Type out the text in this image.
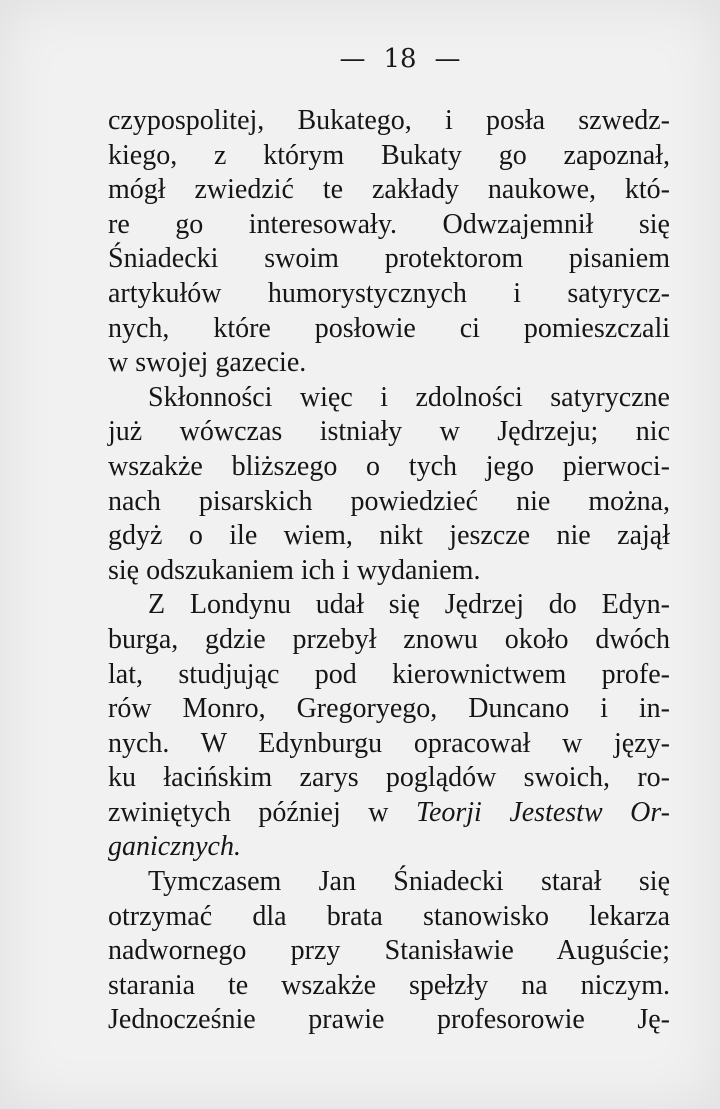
— 18 —
czypospolitej, Bukatego, i posła szwedz-
kiego, z którym Bukaty go zapoznał,
mógł zwiedzić te zakłady naukowe, któ-
re go interesowały. Odwzajemnił się
Śniadecki swoim protektorom pisaniem
artykułów humorystycznych i satyrycz-
nych, które posłowie ci pomieszczali
w swojej gazecie.
Skłonności więc i zdolności satyryczne
już wówczas istniały w Jędrzeju; nic
wszakże bliższego o tych jego pierwoci-
nach pisarskich powiedzieć nie można,
gdyż o ile wiem, nikt jeszcze nie zajął
się odszukaniem ich i wydaniem.
Z Londynu udał się Jędrzej do Edyn-
burga, gdzie przebył znowu około dwóch
lat, studjując pod kierownictwem profe-
rów Monro, Gregoryego, Duncano i in-
nych. W Edynburgu opracował w języ-
ku łacińskim zarys poglądów swoich, ro-
zwiniętych później w Teorji Jestestw Or-
ganicznych.
Tymczasem Jan Śniadecki starał się
otrzymać dla brata stanowisko lekarza
nadwornego przy Stanisławie Auguście;
starania te wszakże spełzły na niczym.
Jednocześnie prawie profesorowie Ję-
